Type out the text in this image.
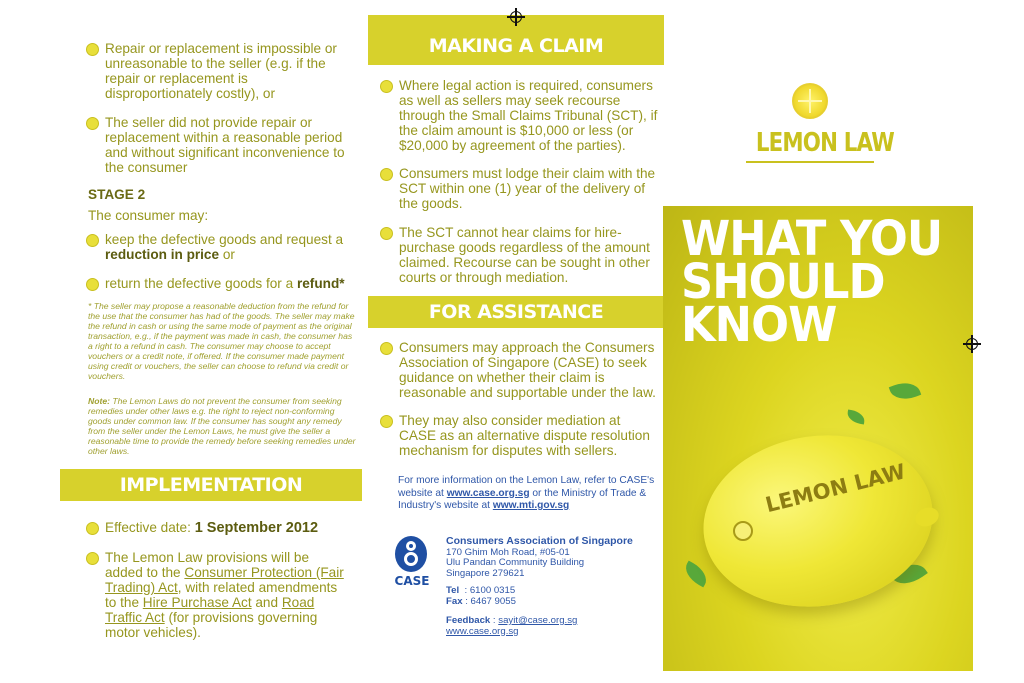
Repair or replacement is impossible or unreasonable to the seller (e.g. if the repair or replacement is disproportionately costly), or
The seller did not provide repair or replacement within a reasonable period and without significant inconvenience to the consumer
STAGE 2
The consumer may:
keep the defective goods and request a reduction in price or
return the defective goods for a refund*
* The seller may propose a reasonable deduction from the refund for the use that the consumer has had of the goods. The seller may make the refund in cash or using the same mode of payment as the original transaction, e.g., if the payment was made in cash, the consumer has a right to a refund in cash. The consumer may choose to accept vouchers or a credit note, if offered. If the consumer made payment using credit or vouchers, the seller can choose to refund via credit or vouchers.
Note: The Lemon Laws do not prevent the consumer from seeking remedies under other laws e.g. the right to reject non-conforming goods under common law. If the consumer has sought any remedy from the seller under the Lemon Laws, he must give the seller a reasonable time to provide the remedy before seeking remedies under other laws.
IMPLEMENTATION
Effective date: 1 September 2012
The Lemon Law provisions will be added to the Consumer Protection (Fair Trading) Act, with related amendments to the Hire Purchase Act and Road Traffic Act (for provisions governing motor vehicles).
MAKING A CLAIM
Where legal action is required, consumers as well as sellers may seek recourse through the Small Claims Tribunal (SCT), if the claim amount is $10,000 or less (or $20,000 by agreement of the parties).
Consumers must lodge their claim with the SCT within one (1) year of the delivery of the goods.
The SCT cannot hear claims for hire-purchase goods regardless of the amount claimed. Recourse can be sought in other courts or through mediation.
FOR ASSISTANCE
Consumers may approach the Consumers Association of Singapore (CASE) to seek guidance on whether their claim is reasonable and supportable under the law.
They may also consider mediation at CASE as an alternative dispute resolution mechanism for disputes with sellers.
For more information on the Lemon Law, refer to CASE's website at www.case.org.sg or the Ministry of Trade & Industry's website at www.mti.gov.sg
CASE
Consumers Association of Singapore
170 Ghim Moh Road, #05-01
Ulu Pandan Community Building
Singapore 279621
Tel : 6100 0315
Fax : 6467 9055
Feedback : sayit@case.org.sg
www.case.org.sg
LEMON LAW
WHAT YOU
SHOULD
KNOW
LEMON LAW
